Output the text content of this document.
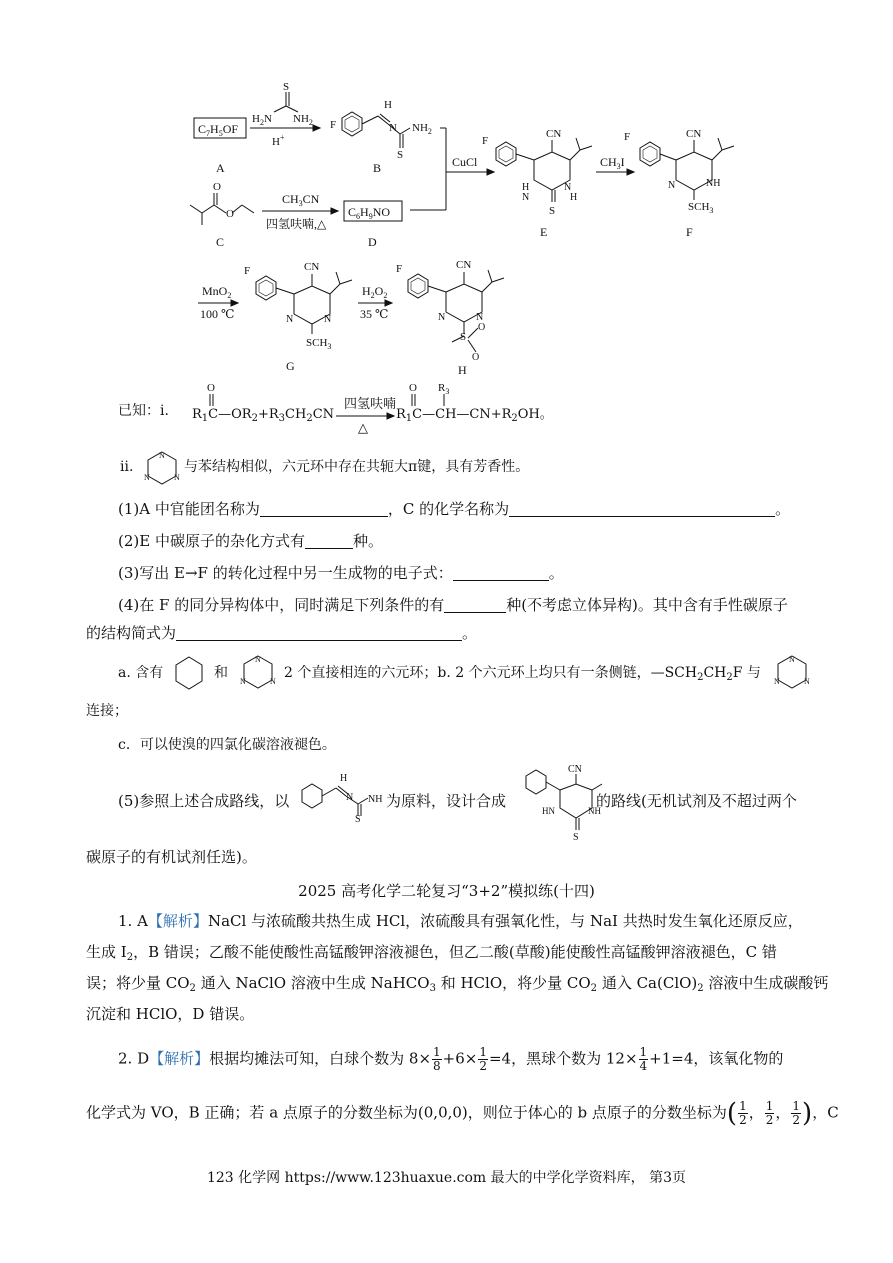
$C_7H_5OF$
A
S
$H_2N$ $NH_2$
H+
F
H
N $NH_2$
S
B	CuCl
O
O
$CH_3CN$
四氢呋喃,△
C
$C_6H_9NO$
D
F
CN
H
N
N
H
S
E
$CH_3I$
F	CN
N	NH
$SCH_3$
F
MnO$_2$
100 ℃
F	CN
N	N
$SCH_3$
G
$H_2O_2$
35 ℃
F	CN
N	N
S
O
O
H
O	O $R_3$
已知：ⅰ. $R_1C—OR_2+R_3CH_2CN$
四氢呋喃
△
$R_1C—CH—CN+R_2OH$。
ⅱ.
N
N	N
与苯结构相似，六元环中存在共轭大π键，具有芳香性。
(1)A 中官能团名称为	，C 的化学名称为	。
(2)E 中碳原子的杂化方式有	种。
(3)写出 E→F 的转化过程中另一生成物的电子式：	。
(4)在 F 的同分异构体中，同时满足下列条件的有	种(不考虑立体异构)。其中含有手性碳原子
的结构简式为	。
a. 含有	和
N
N	N
2 个直接相连的六元环；b. 2 个六元环上均只有一条侧链，$—SCH_2CH_2F$ 与
N
N	N
连接；
c．可以使溴的四氯化碳溶液褪色。
(5)参照上述合成路线，以
H
N NH
S
为原料，设计合成
CN
HN	NH
S
的路线(无机试剂及不超过两个
碳原子的有机试剂任选)。
2025 高考化学二轮复习“3+2”模拟练(十四)
1. A【解析】NaCl 与浓硫酸共热生成 HCl，浓硫酸具有强氧化性，与 NaI 共热时发生氧化还原反应，
生成 $I_2$，B 错误；乙酸不能使酸性高锰酸钾溶液褪色，但乙二酸(草酸)能使酸性高锰酸钾溶液褪色，C 错
误；将少量 $CO_2$ 通入 NaClO 溶液中生成 NaHCO$_3$ 和 HClO，将少量 $CO_2$ 通入 $Ca(ClO)_2$ 溶液中生成碳酸钙
沉淀和 HClO，D 错误。
2. D【解析】根据均摊法可知，白球个数为 $8\times \frac{1}{8} +6\times \frac{1}{2} =4$，黑球个数为 $12\times \frac{1}{4} +1=4$，该氧化物的
化学式为 VO，B 正确；若 a 点原子的分数坐标为(0,0,0)，则位于体心的 b 点原子的分数坐标为( $\frac{1}{2}$ ， $\frac{1}{2}$ ， $\frac{1}{2}$ )，C
123 化学网 https://www.123huaxue.com 最大的中学化学资料库， 第3页
